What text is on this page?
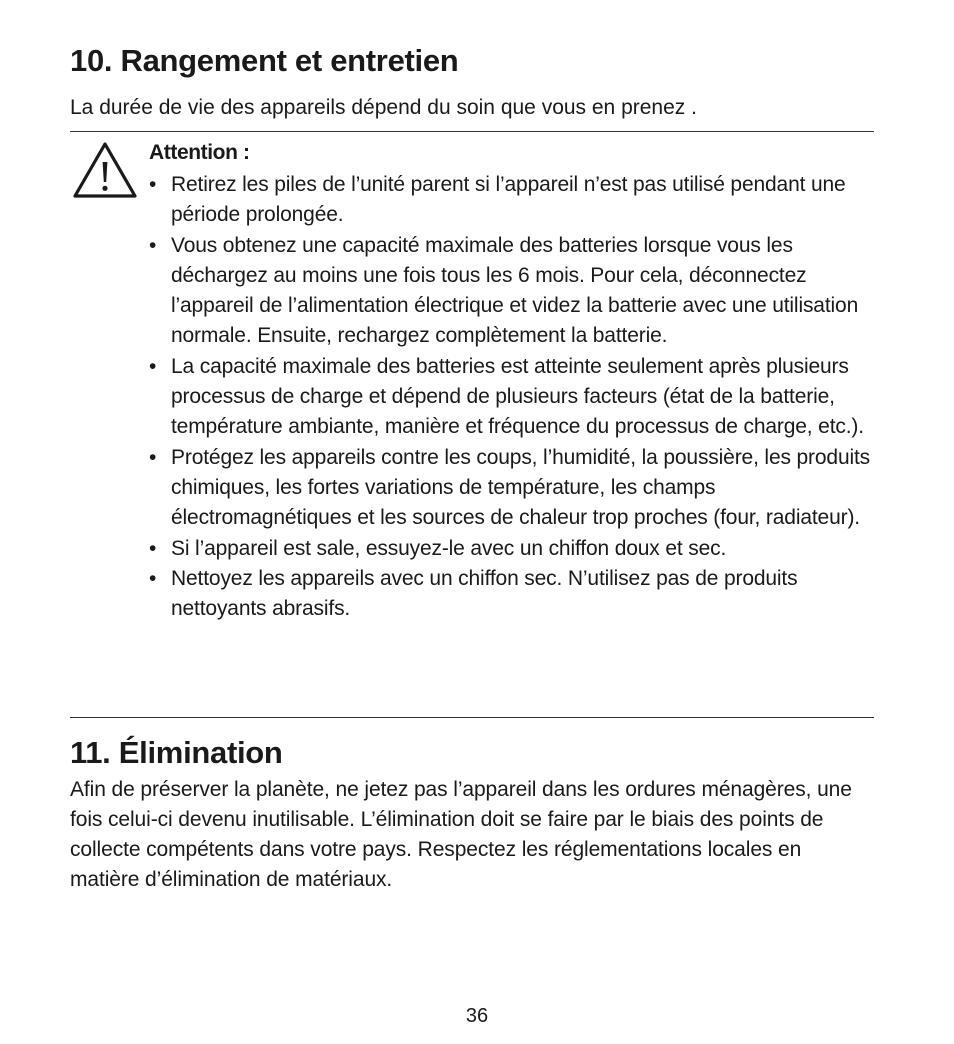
10. Rangement et entretien

La durée de vie des appareils dépend du soin que vous en prenez .

Attention :
• Retirez les piles de l’unité parent si l’appareil n’est pas utilisé pendant une période prolongée.
• Vous obtenez une capacité maximale des batteries lorsque vous les déchargez au moins une fois tous les 6 mois. Pour cela, déconnectez l’appareil de l’alimentation électrique et videz la batterie avec une utilisation normale. Ensuite, rechargez complètement la batterie.
• La capacité maximale des batteries est atteinte seulement après plusieurs processus de charge et dépend de plusieurs facteurs (état de la batterie, température ambiante, manière et fréquence du processus de charge, etc.).
• Protégez les appareils contre les coups, l’humidité, la poussière, les produits chimiques, les fortes variations de température, les champs électromagnétiques et les sources de chaleur trop proches (four, radiateur).
• Si l’appareil est sale, essuyez-le avec un chiffon doux et sec.
• Nettoyez les appareils avec un chiffon sec. N’utilisez pas de produits nettoyants abrasifs.
11. Élimination

Afin de préserver la planète, ne jetez pas l’appareil dans les ordures ménagères, une fois celui-ci devenu inutilisable. L’élimination doit se faire par le biais des points de collecte compétents dans votre pays. Respectez les réglementations locales en matière d’élimination de matériaux.

36
